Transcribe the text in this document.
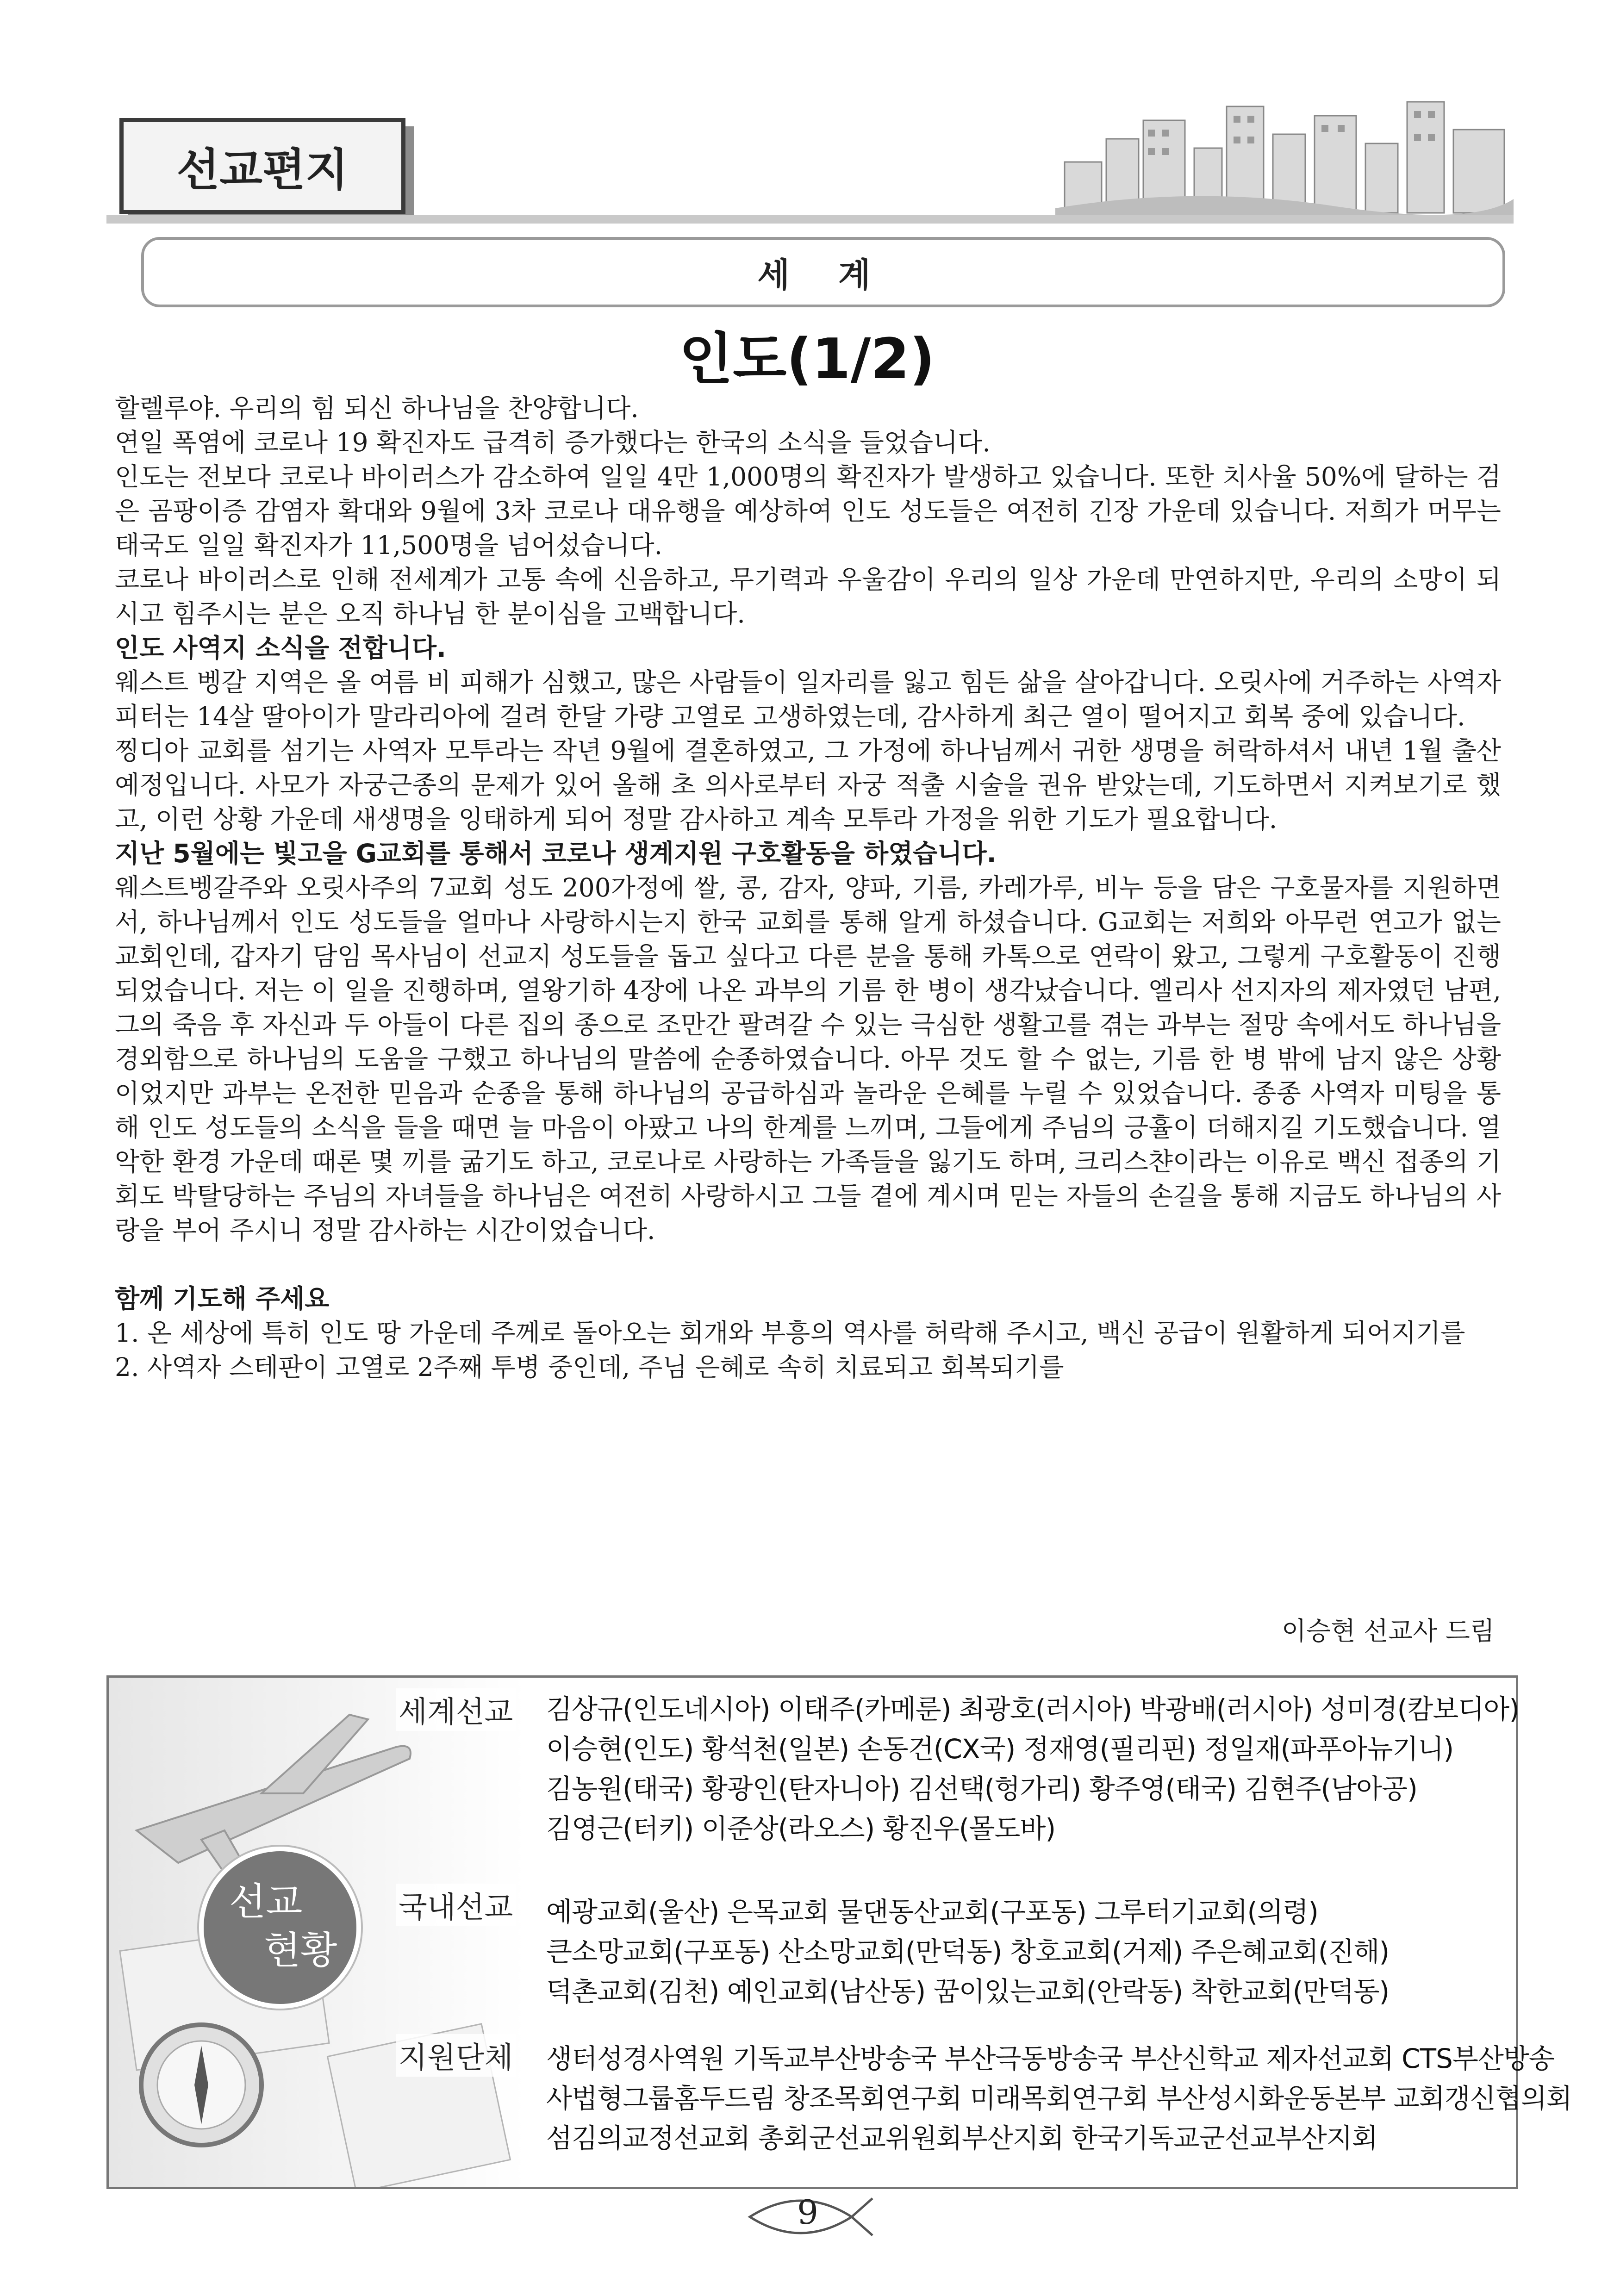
선교편지
세 계
인도(1/2)

할렐루야. 우리의 힘 되신 하나님을 찬양합니다.

연일 폭염에 코로나 19 확진자도 급격히 증가했다는 한국의 소식을 들었습니다.

인도는 전보다 코로나 바이러스가 감소하여 일일 4만 1,000명의 확진자가 발생하고 있습니다. 또한 치사율 50%에 달하는 검은 곰팡이증 감염자 확대와 9월에 3차 코로나 대유행을 예상하여 인도 성도들은 여전히 긴장 가운데 있습니다. 저희가 머무는 태국도 일일 확진자가 11,500명을 넘어섰습니다.

코로나 바이러스로 인해 전세계가 고통 속에 신음하고, 무기력과 우울감이 우리의 일상 가운데 만연하지만, 우리의 소망이 되시고 힘주시는 분은 오직 하나님 한 분이심을 고백합니다.

인도 사역지 소식을 전합니다.

웨스트 벵갈 지역은 올 여름 비 피해가 심했고, 많은 사람들이 일자리를 잃고 힘든 삶을 살아갑니다. 오릿사에 거주하는 사역자 피터는 14살 딸아이가 말라리아에 걸려 한달 가량 고열로 고생하였는데, 감사하게 최근 열이 떨어지고 회복 중에 있습니다.

찡디아 교회를 섬기는 사역자 모투라는 작년 9월에 결혼하였고, 그 가정에 하나님께서 귀한 생명을 허락하셔서 내년 1월 출산예정입니다. 사모가 자궁근종의 문제가 있어 올해 초 의사로부터 자궁 적출 시술을 권유 받았는데, 기도하면서 지켜보기로 했고, 이런 상황 가운데 새생명을 잉태하게 되어 정말 감사하고 계속 모투라 가정을 위한 기도가 필요합니다.

지난 5월에는 빛고을 G교회를 통해서 코로나 생계지원 구호활동을 하였습니다.

웨스트벵갈주와 오릿사주의 7교회 성도 200가정에 쌀, 콩, 감자, 양파, 기름, 카레가루, 비누 등을 담은 구호물자를 지원하면서, 하나님께서 인도 성도들을 얼마나 사랑하시는지 한국 교회를 통해 알게 하셨습니다. G교회는 저희와 아무런 연고가 없는 교회인데, 갑자기 담임 목사님이 선교지 성도들을 돕고 싶다고 다른 분을 통해 카톡으로 연락이 왔고, 그렇게 구호활동이 진행되었습니다. 저는 이 일을 진행하며, 열왕기하 4장에 나온 과부의 기름 한 병이 생각났습니다. 엘리사 선지자의 제자였던 남편, 그의 죽음 후 자신과 두 아들이 다른 집의 종으로 조만간 팔려갈 수 있는 극심한 생활고를 겪는 과부는 절망 속에서도 하나님을 경외함으로 하나님의 도움을 구했고 하나님의 말씀에 순종하였습니다. 아무 것도 할 수 없는, 기름 한 병 밖에 남지 않은 상황이었지만 과부는 온전한 믿음과 순종을 통해 하나님의 공급하심과 놀라운 은혜를 누릴 수 있었습니다. 종종 사역자 미팅을 통해 인도 성도들의 소식을 들을 때면 늘 마음이 아팠고 나의 한계를 느끼며, 그들에게 주님의 긍휼이 더해지길 기도했습니다. 열악한 환경 가운데 때론 몇 끼를 굶기도 하고, 코로나로 사랑하는 가족들을 잃기도 하며, 크리스챤이라는 이유로 백신 접종의 기회도 박탈당하는 주님의 자녀들을 하나님은 여전히 사랑하시고 그들 곁에 계시며 믿는 자들의 손길을 통해 지금도 하나님의 사랑을 부어 주시니 정말 감사하는 시간이었습니다.

함께 기도해 주세요

1. 온 세상에 특히 인도 땅 가운데 주께로 돌아오는 회개와 부흥의 역사를 허락해 주시고, 백신 공급이 원활하게 되어지기를

2. 사역자 스테판이 고열로 2주째 투병 중인데, 주님 은혜로 속히 치료되고 회복되기를

이승현 선교사 드림
선교
현황
세계선교 김상규(인도네시아) 이태주(카메룬) 최광호(러시아) 박광배(러시아) 성미경(캄보디아)
이승현(인도) 황석천(일본) 손동건(CX국) 정재영(필리핀) 정일재(파푸아뉴기니)
김농원(태국) 황광인(탄자니아) 김선택(헝가리) 황주영(태국) 김현주(남아공)
김영근(터키) 이준상(라오스) 황진우(몰도바)
국내선교 예광교회(울산) 은목교회 물댄동산교회(구포동) 그루터기교회(의령)
큰소망교회(구포동) 산소망교회(만덕동) 창호교회(거제) 주은혜교회(진해)
덕촌교회(김천) 예인교회(남산동) 꿈이있는교회(안락동) 착한교회(만덕동)
지원단체 생터성경사역원 기독교부산방송국 부산극동방송국 부산신학교 제자선교회 CTS부산방송
사법형그룹홈두드림 창조목회연구회 미래목회연구회 부산성시화운동본부 교회갱신협의회
섬김의교정선교회 총회군선교위원회부산지회 한국기독교군선교부산지회
9
